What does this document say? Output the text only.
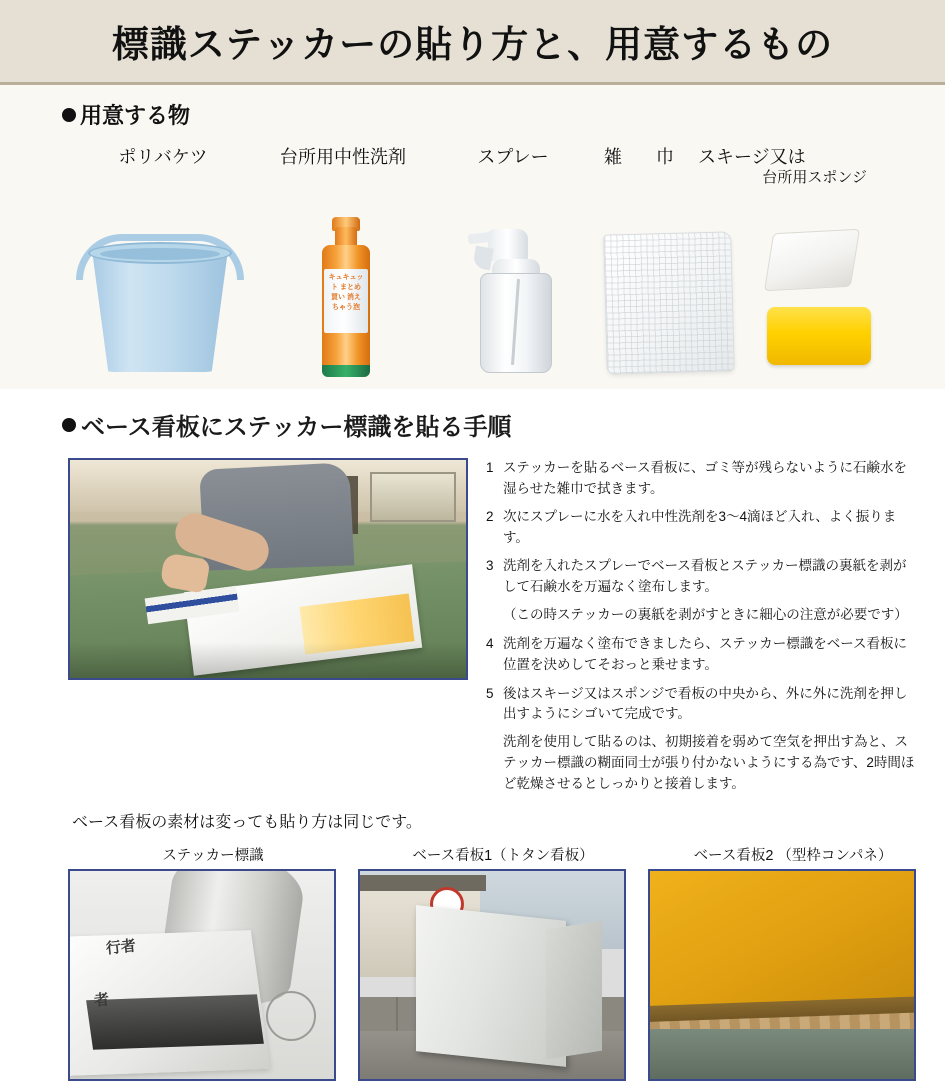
標識ステッカーの貼り方と、用意するもの
用意する物
ポリバケツ	台所用中性洗剤	スプレー	雑　巾 スキージ又は
台所用スポンジ
キュキュット まとめ買い 消えちゃう泡
ベース看板にステッカー標識を貼る手順
1 ステッカーを貼るベース看板に、ゴミ等が残らないように石鹸水を湿らせた雑巾で拭きます。
2 次にスプレーに水を入れ中性洗剤を3〜4滴ほど入れ、よく振ります。
3 洗剤を入れたスプレーでベース看板とステッカー標識の裏紙を剥がして石鹸水を万遍なく塗布します。
（この時ステッカーの裏紙を剥がすときに細心の注意が必要です）
4 洗剤を万遍なく塗布できましたら、ステッカー標識をベース看板に位置を決めしてそおっと乗せます。
5 後はスキージ又はスポンジで看板の中央から、外に外に洗剤を押し出すようにシゴいて完成です。
洗剤を使用して貼るのは、初期接着を弱めて空気を押出す為と、ステッカー標識の糊面同士が張り付かないようにする為です、2時間ほど乾燥させるとしっかりと接着します。
ベース看板の素材は変っても貼り方は同じです。
ステッカー標識	ベース看板1（トタン看板）	ベース看板2 （型枠コンパネ）
行者
者
